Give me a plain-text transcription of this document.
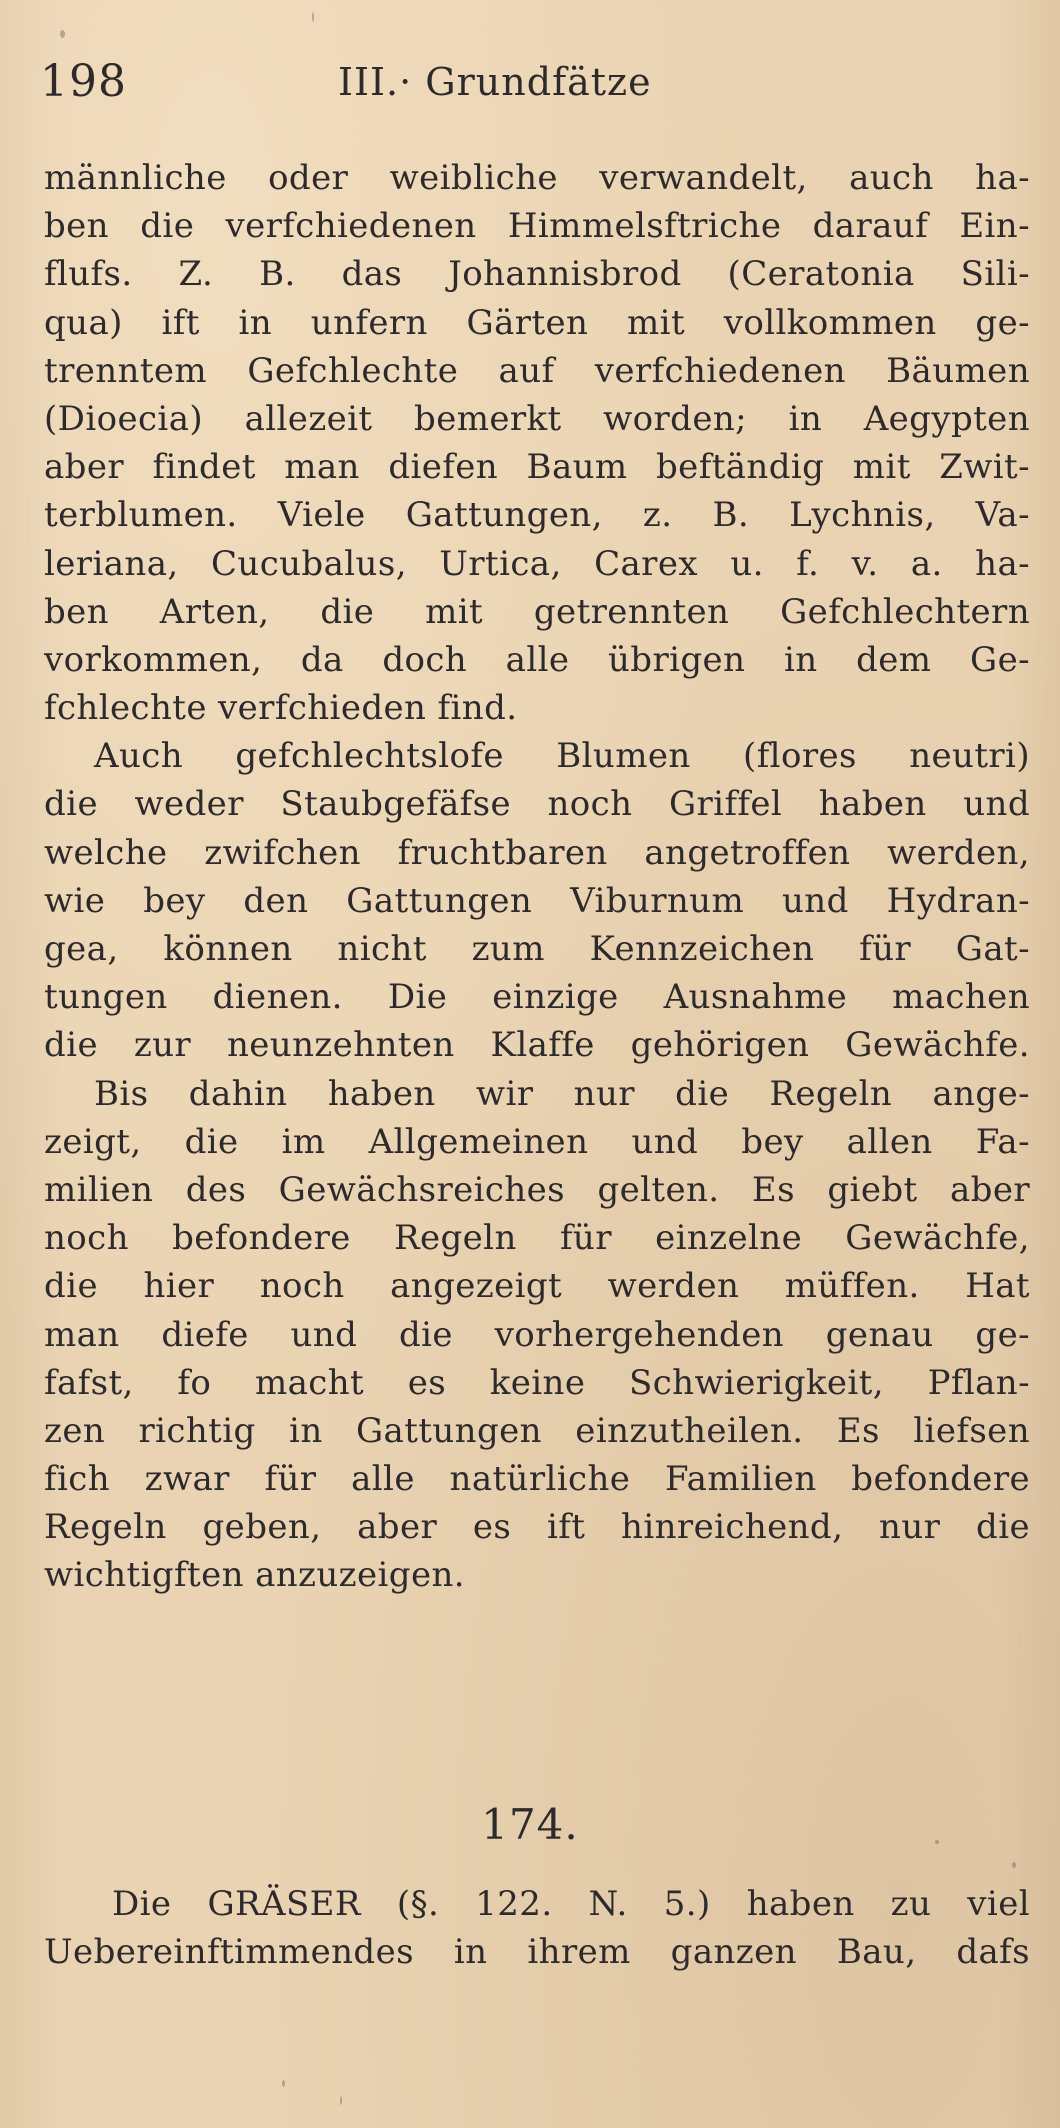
198	III.· Grundfätze
männliche oder weibliche verwandelt, auch ha-
ben die verfchiedenen Himmelsftriche darauf Ein-
flufs. Z. B. das Johannisbrod (Ceratonia Sili-
qua) ift in unfern Gärten mit vollkommen ge-
trenntem Gefchlechte auf verfchiedenen Bäumen
(Dioecia) allezeit bemerkt worden; in Aegypten
aber findet man diefen Baum beftändig mit Zwit-
terblumen. Viele Gattungen, z. B. Lychnis, Va-
leriana, Cucubalus, Urtica, Carex u. f. v. a. ha-
ben Arten, die mit getrennten Gefchlechtern
vorkommen, da doch alle übrigen in dem Ge-
fchlechte verfchieden find.
Auch gefchlechtslofe Blumen (flores neutri)
die weder Staubgefäfse noch Griffel haben und
welche zwifchen fruchtbaren angetroffen werden,
wie bey den Gattungen Viburnum und Hydran-
gea, können nicht zum Kennzeichen für Gat-
tungen dienen. Die einzige Ausnahme machen
die zur neunzehnten Klaffe gehörigen Gewächfe.
Bis dahin haben wir nur die Regeln ange-
zeigt, die im Allgemeinen und bey allen Fa-
milien des Gewächsreiches gelten. Es giebt aber
noch befondere Regeln für einzelne Gewächfe,
die hier noch angezeigt werden müffen. Hat
man diefe und die vorhergehenden genau ge-
fafst, fo macht es keine Schwierigkeit, Pflan-
zen richtig in Gattungen einzutheilen. Es liefsen
fich zwar für alle natürliche Familien befondere
Regeln geben, aber es ift hinreichend, nur die
wichtigften anzuzeigen.
174.
Die GRÄSER (§. 122. N. 5.) haben zu viel
Uebereinftimmendes in ihrem ganzen Bau, dafs
